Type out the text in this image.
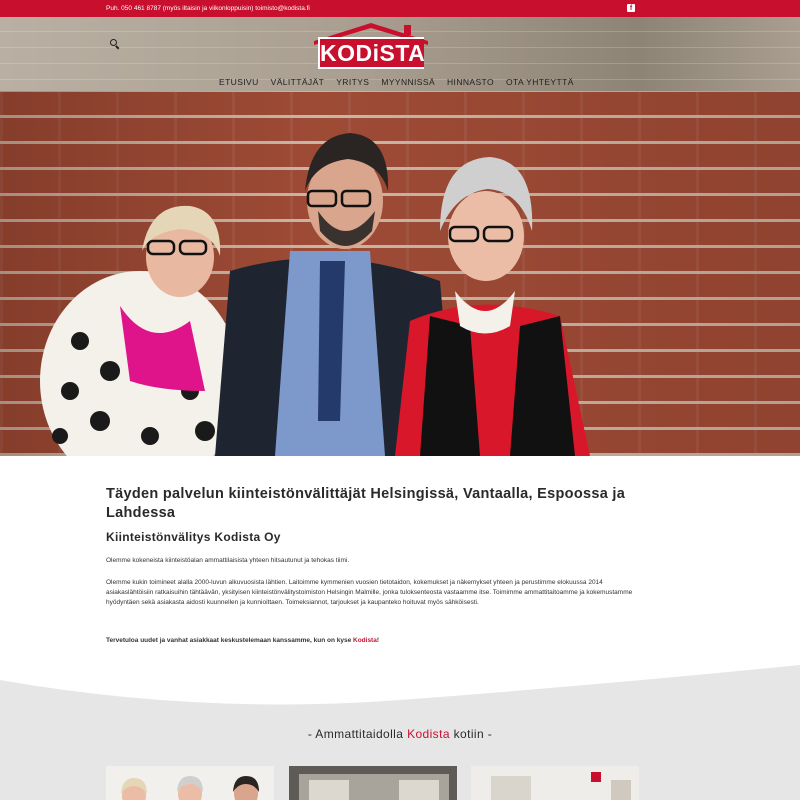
Puh. 050 461 8787 (myös iltaisin ja viikonloppuisin) toimisto@kodista.fi	f
KODiSTA
ETUSIVU	VÄLITTÄJÄT	YRITYS	MYYNNISSÄ	HINNASTO	OTA YHTEYTTÄ
Täyden palvelun kiinteistönvälittäjät Helsingissä, Vantaalla, Espoossa ja Lahdessa
Kiinteistönvälitys Kodista Oy

Olemme kokeneista kiinteistöalan ammattilaisista yhteen hitsautunut ja tehokas tiimi.

Olemme kukin toimineet alalla 2000-luvun alkuvuosista lähtien. Laitoimme kymmenien vuosien tietotaidon, kokemukset ja näkemykset yhteen ja perustimme elokuussa 2014 asiakaslähtöisiin ratkaisuihin tähtäävän, yksityisen kiinteistönvälitystoimiston Helsingin Malmille, jonka tuloksenteosta vastaamme itse. Toimimme ammattitaitoamme ja kokemustamme hyödyntäen sekä asiakasta aidosti kuunnellen ja kunnioittaen. Toimeksiannot, tarjoukset ja kaupanteko hoituvat myös sähköisesti.

Tervetuloa uudet ja vanhat asiakkaat keskustelemaan kanssamme, kun on kyse Kodista!

- Ammattitaidolla Kodista kotiin -
